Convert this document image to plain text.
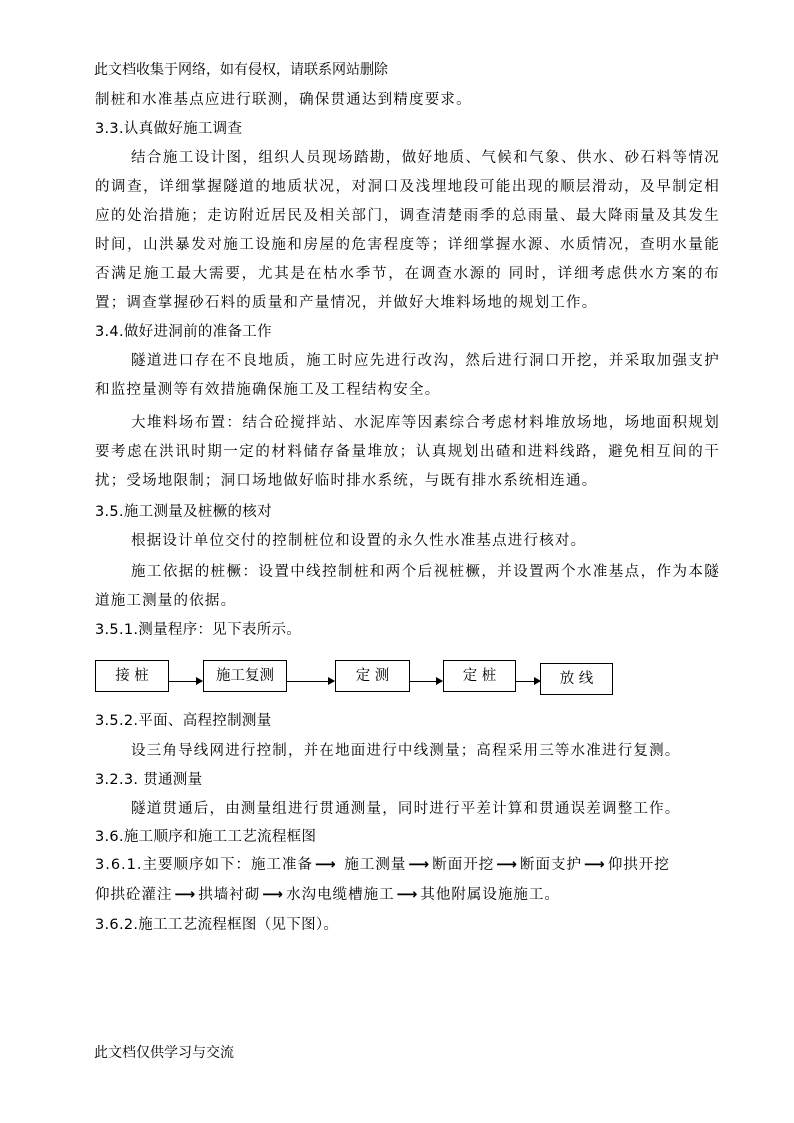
此文档收集于网络，如有侵权，请联系网站删除
制桩和水准基点应进行联测，确保贯通达到精度要求。
3.3.认真做好施工调查
结合施工设计图，组织人员现场踏勘，做好地质、气候和气象、供水、砂石料等情况的调查，详细掌握隧道的地质状况，对洞口及浅埋地段可能出现的顺层滑动，及早制定相应的处治措施；走访附近居民及相关部门，调查清楚雨季的总雨量、最大降雨量及其发生时间，山洪暴发对施工设施和房屋的危害程度等；详细掌握水源、水质情况，查明水量能否满足施工最大需要，尤其是在枯水季节，在调查水源的 同时，详细考虑供水方案的布置；调查掌握砂石料的质量和产量情况，并做好大堆料场地的规划工作。
3.4.做好进洞前的准备工作
隧道进口存在不良地质，施工时应先进行改沟，然后进行洞口开挖，并采取加强支护和监控量测等有效措施确保施工及工程结构安全。
大堆料场布置：结合砼搅拌站、水泥库等因素综合考虑材料堆放场地，场地面积规划要考虑在洪讯时期一定的材料储存备量堆放；认真规划出碴和进料线路，避免相互间的干扰；受场地限制；洞口场地做好临时排水系统，与既有排水系统相连通。
3.5.施工测量及桩橛的核对
根据设计单位交付的控制桩位和设置的永久性水准基点进行核对。
施工依据的桩橛：设置中线控制桩和两个后视桩橛，并设置两个水准基点，作为本隧道施工测量的依据。
3.5.1.测量程序：见下表所示。
接 桩	施工复测	定 测	定 桩	放 线
3.5.2.平面、高程控制测量
设三角导线网进行控制，并在地面进行中线测量；高程采用三等水准进行复测。
3.2.3. 贯通测量
隧道贯通后，由测量组进行贯通测量，同时进行平差计算和贯通误差调整工作。
3.6.施工顺序和施工工艺流程框图
3.6.1.主要顺序如下：施工准备 ⟶ 施工测量 ⟶ 断面开挖 ⟶ 断面支护 ⟶ 仰拱开挖
仰拱砼灌注 ⟶ 拱墙衬砌 ⟶ 水沟电缆槽施工 ⟶ 其他附属设施施工。
3.6.2.施工工艺流程框图（见下图）。
此文档仅供学习与交流
